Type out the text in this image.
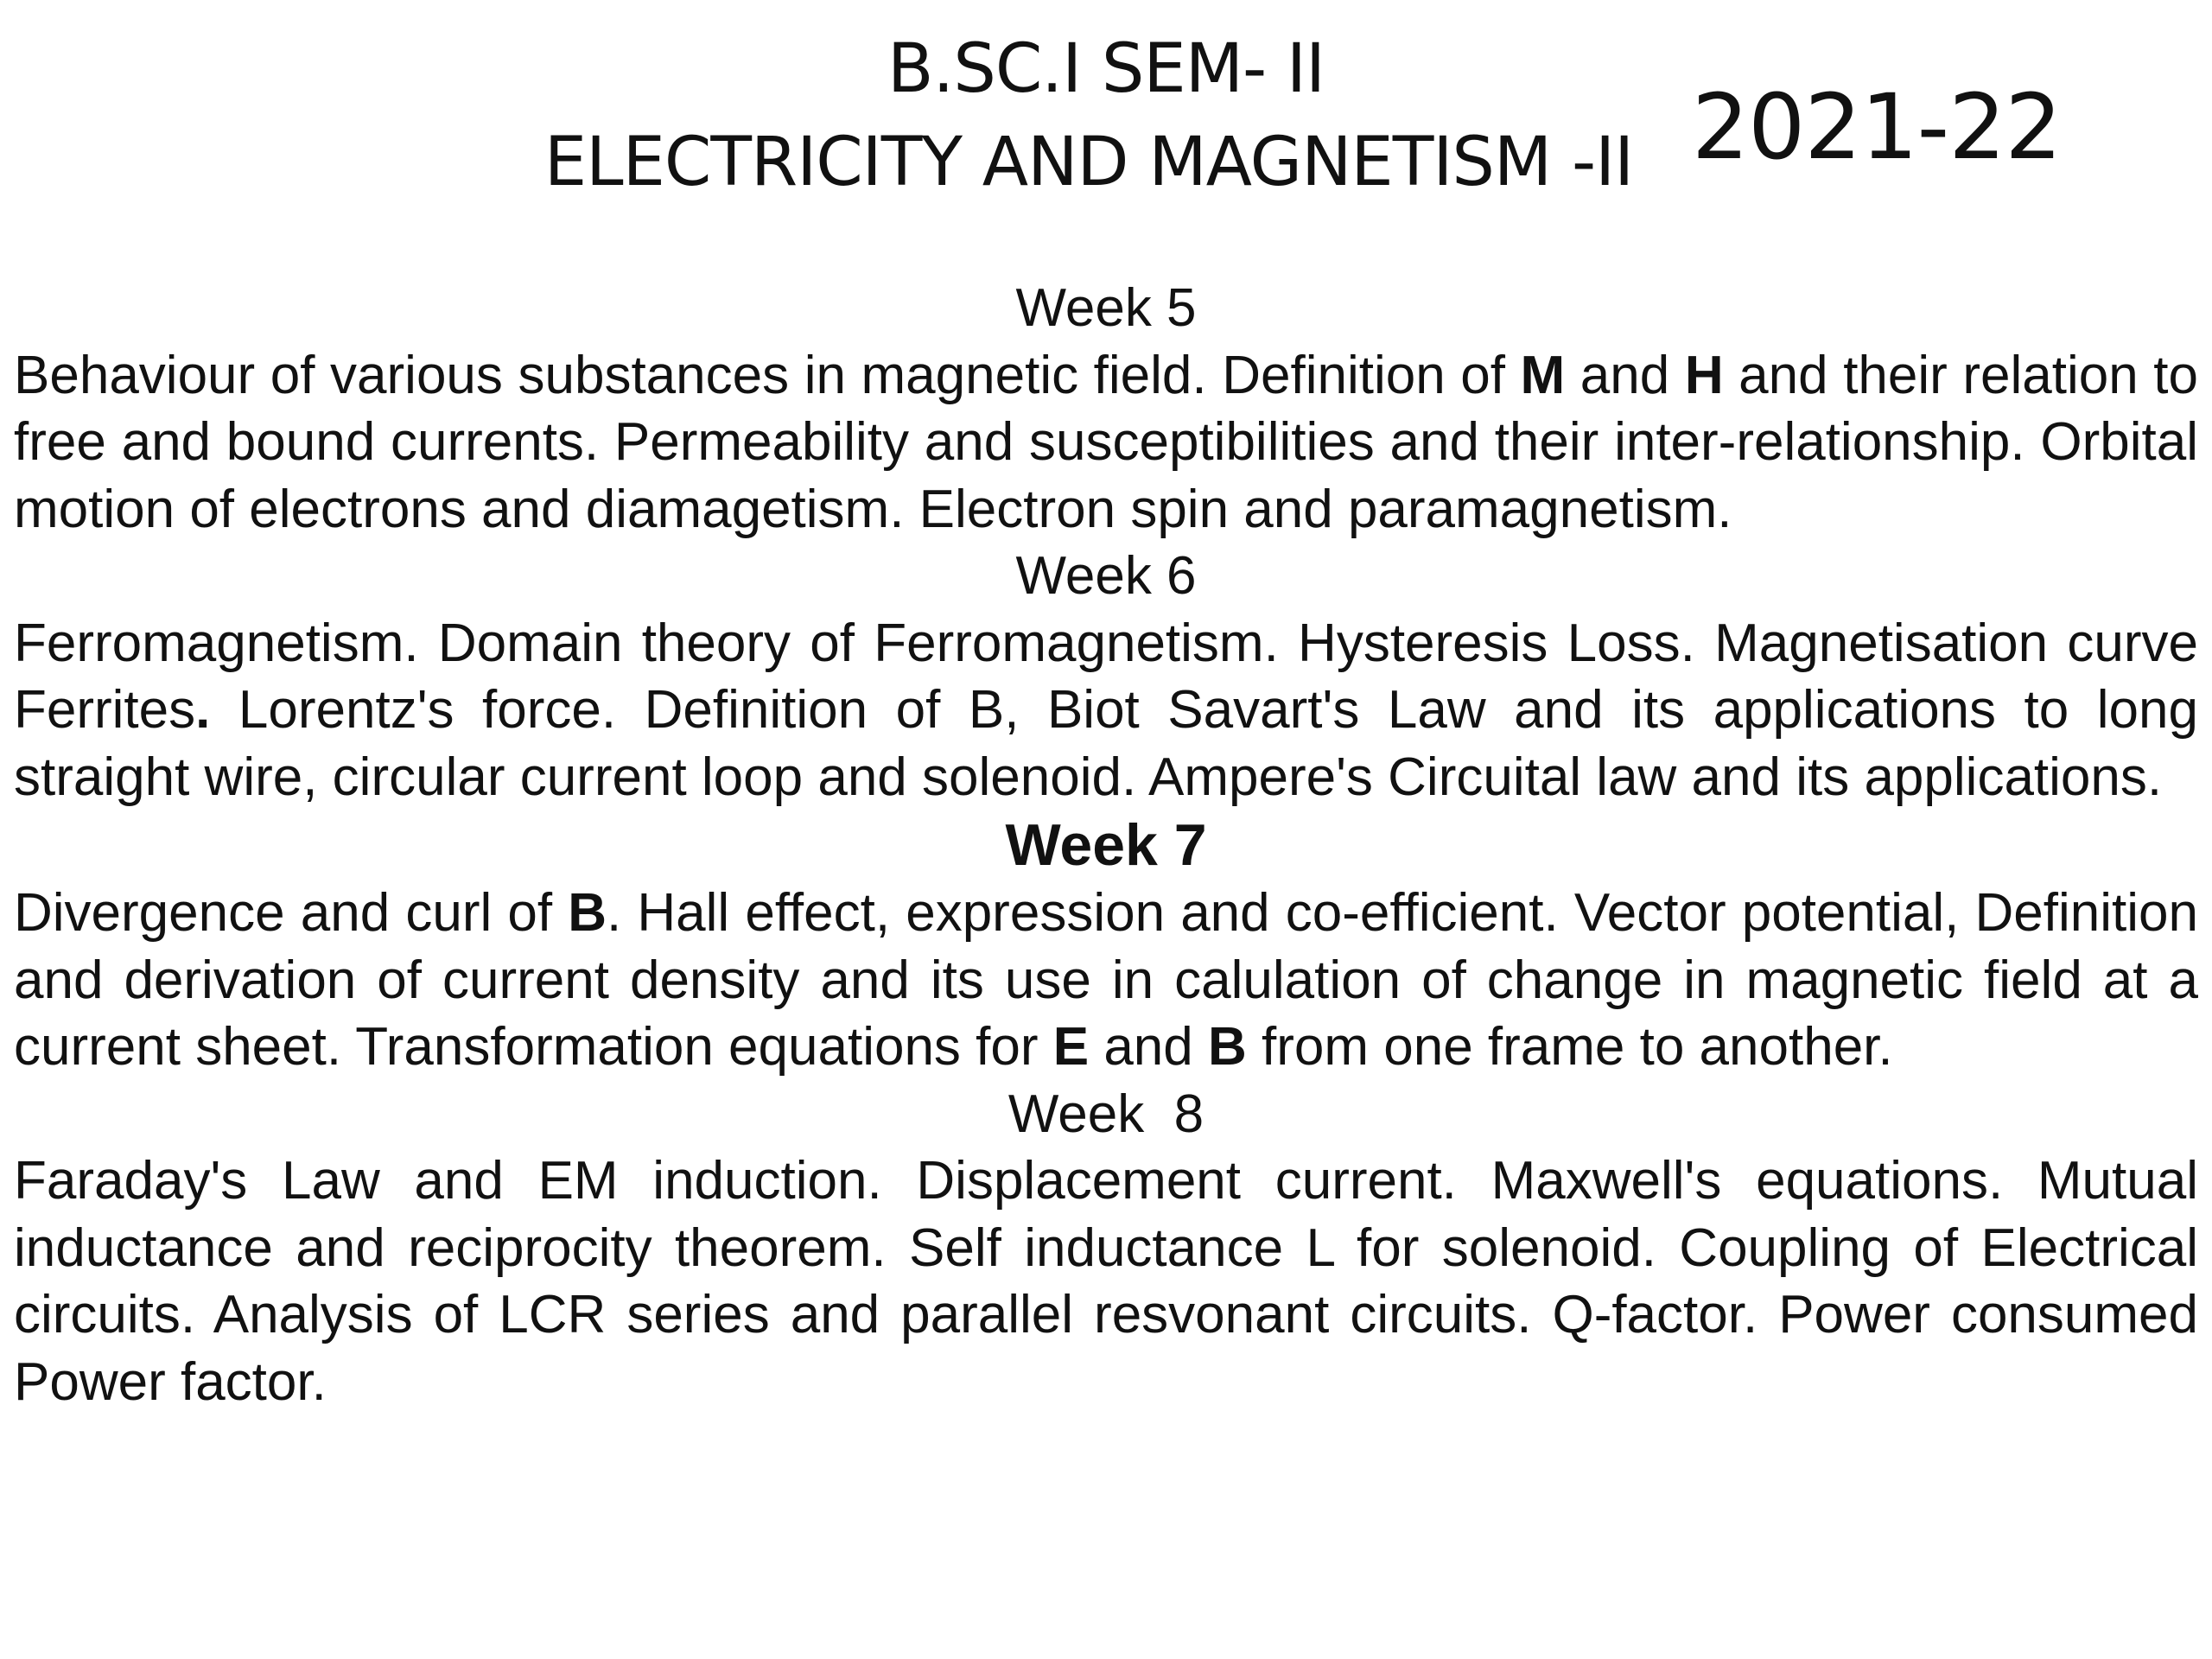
B.SC.I SEM- II
ELECTRICITY AND MAGNETISM -II 2021-22
Week 5

Behaviour of various substances in magnetic field. Definition of M and H and their relation to free and bound currents. Permeability and susceptibilities and their inter-relationship. Orbital motion of electrons and diamagetism. Electron spin and paramagnetism.

Week 6

Ferromagnetism. Domain theory of Ferromagnetism. Hysteresis Loss. Magnetisation curve Ferrites. Lorentz's force. Definition of B, Biot Savart's Law and its applications to long straight wire, circular current loop and solenoid. Ampere's Circuital law and its applications.

Week 7

Divergence and curl of B. Hall effect, expression and co-efficient. Vector potential, Definition and derivation of current density and its use in calulation of change in magnetic field at a current sheet. Transformation equations for E and B from one frame to another.

Week  8

Faraday's Law and EM induction. Displacement current. Maxwell's equations. Mutual inductance and reciprocity theorem. Self inductance L for solenoid. Coupling of Electrical circuits. Analysis of LCR series and parallel resvonant circuits. Q-factor. Power consumed Power factor.
